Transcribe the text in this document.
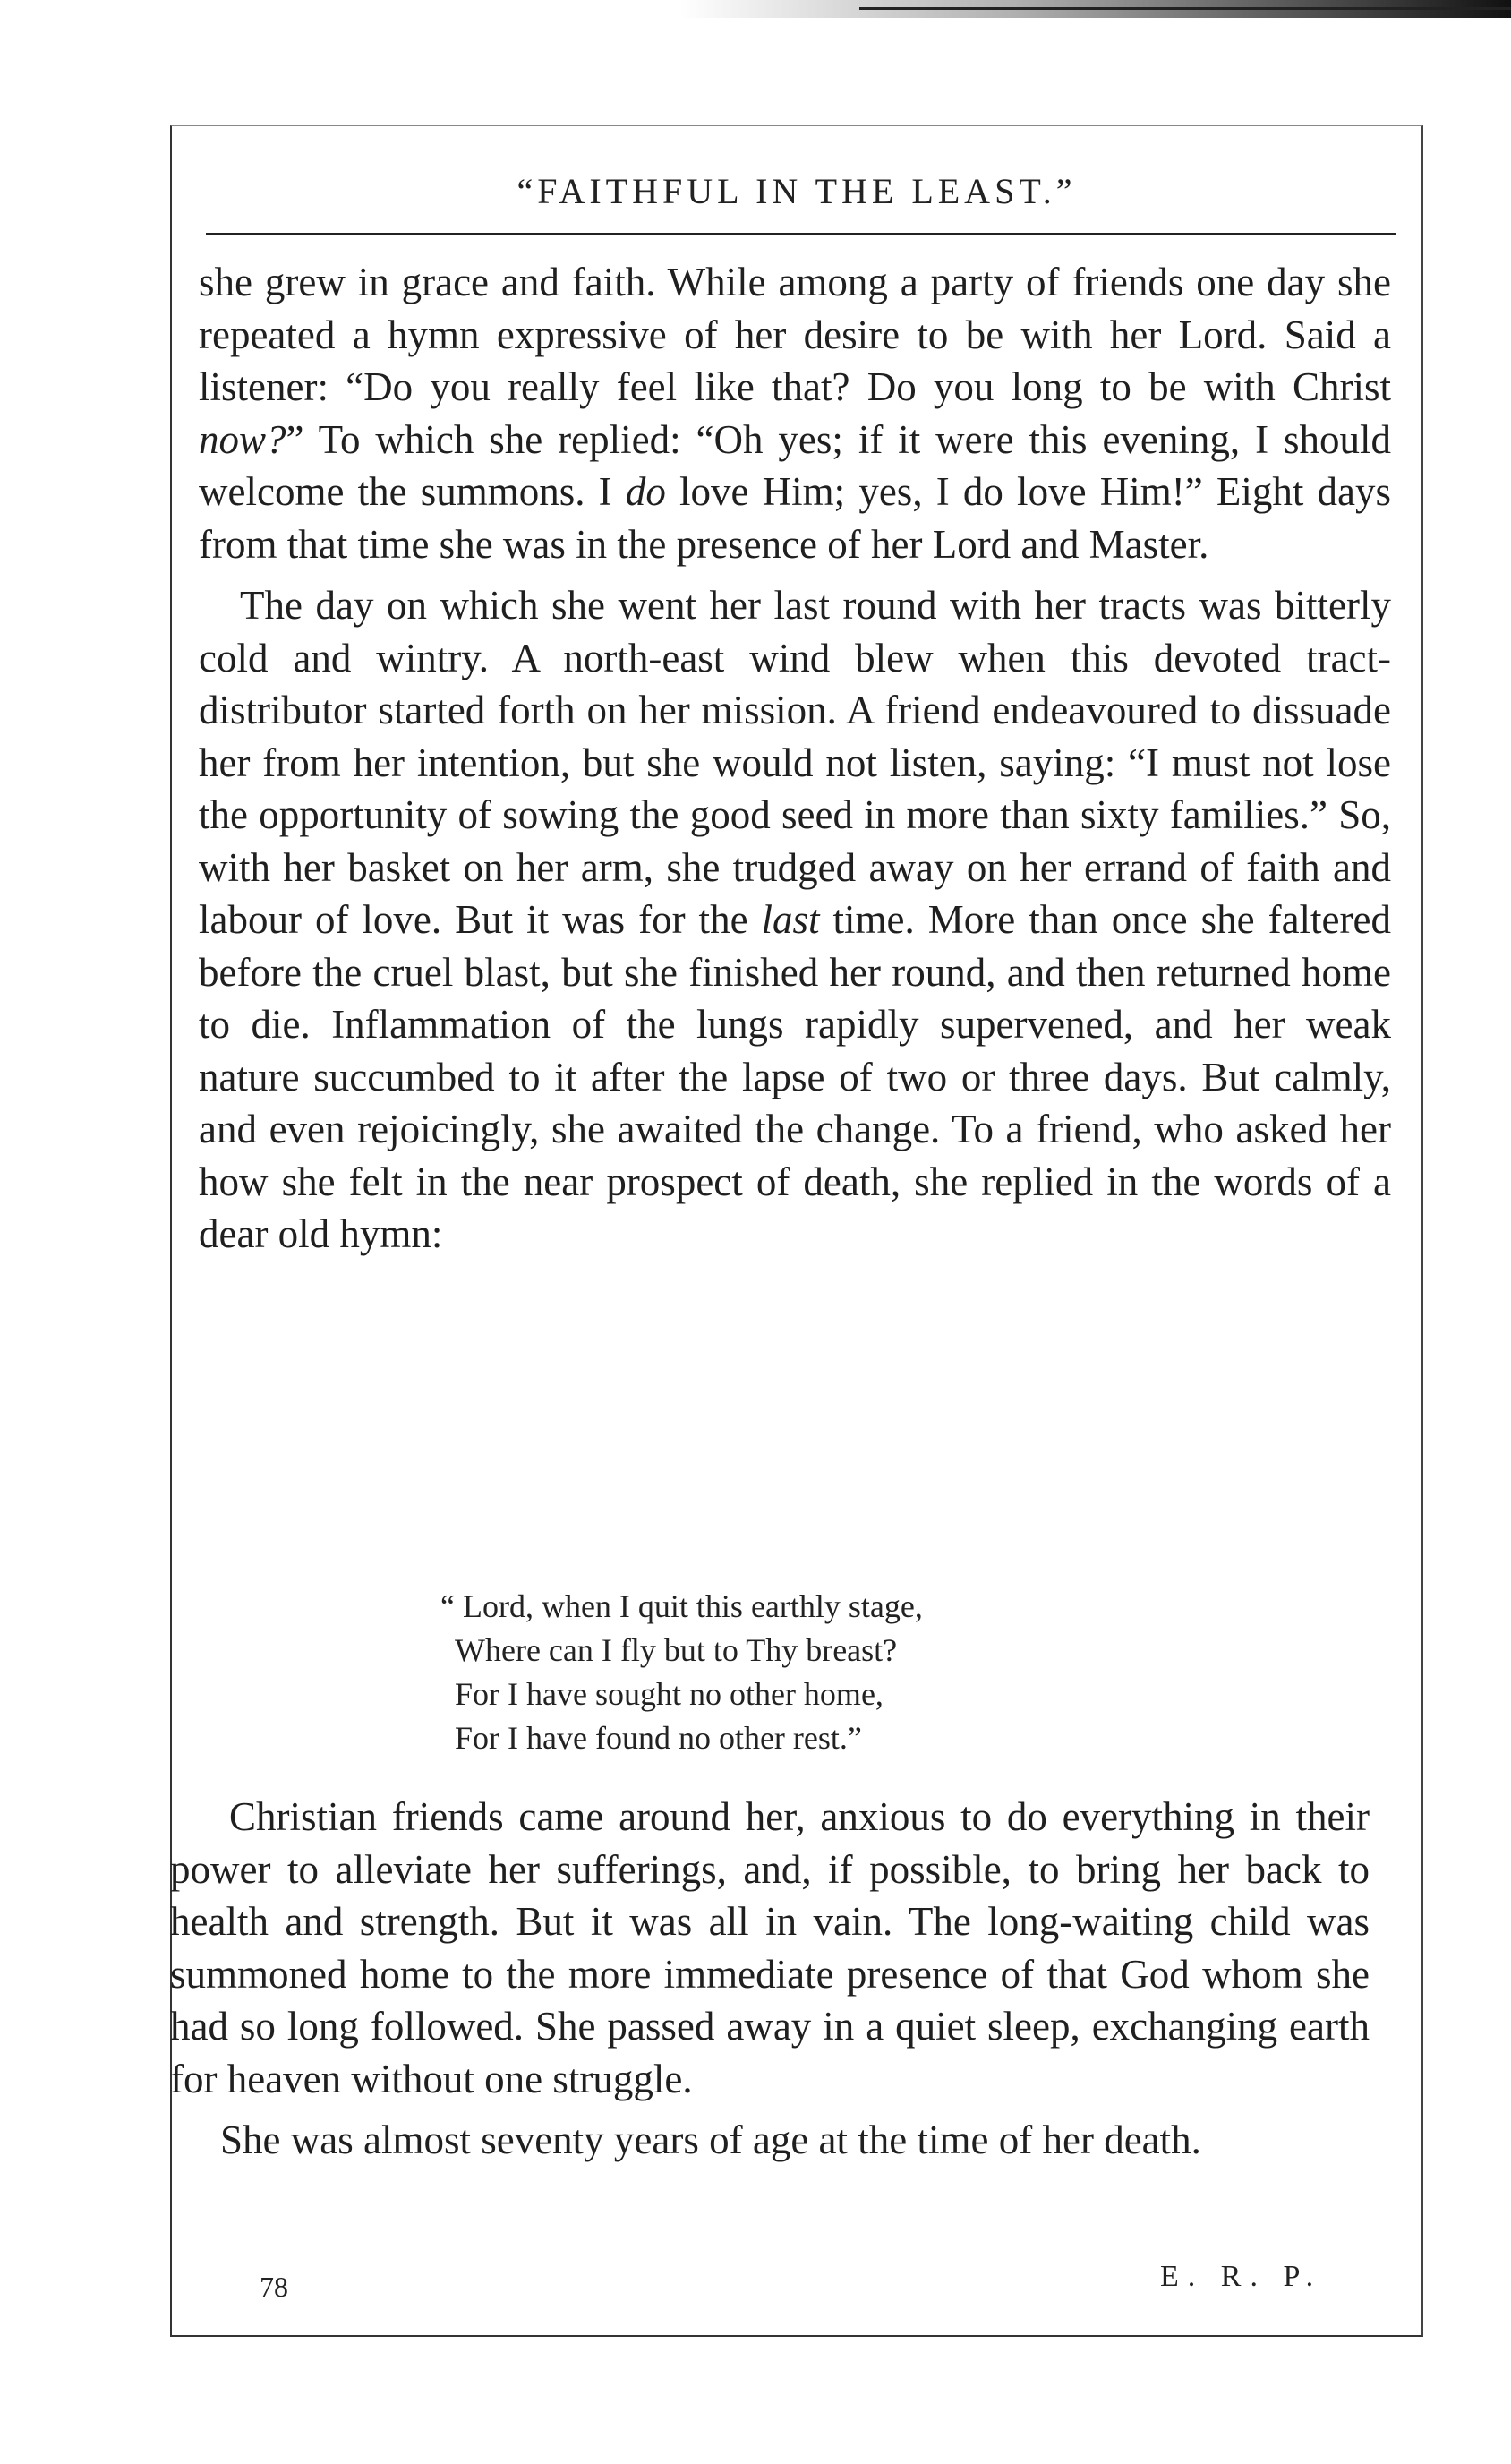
“FAITHFUL IN THE LEAST.”

she grew in grace and faith. While among a party of friends one day she repeated a hymn expressive of her desire to be with her Lord. Said a listener: “Do you really feel like that? Do you long to be with Christ now?” To which she replied: “Oh yes; if it were this evening, I should welcome the summons. I do love Him; yes, I do love Him!” Eight days from that time she was in the presence of her Lord and Master.

The day on which she went her last round with her tracts was bitterly cold and wintry. A north-east wind blew when this devoted tract-distributor started forth on her mission. A friend endeavoured to dissuade her from her intention, but she would not listen, saying: “I must not lose the opportunity of sowing the good seed in more than sixty families.” So, with her basket on her arm, she trudged away on her errand of faith and labour of love. But it was for the last time. More than once she faltered before the cruel blast, but she finished her round, and then returned home to die. Inflammation of the lungs rapidly supervened, and her weak nature succumbed to it after the lapse of two or three days. But calmly, and even rejoicingly, she awaited the change. To a friend, who asked her how she felt in the near prospect of death, she replied in the words of a dear old hymn:

“ Lord, when I quit this earthly stage,
Where can I fly but to Thy breast?
For I have sought no other home,
For I have found no other rest.”

Christian friends came around her, anxious to do everything in their power to alleviate her sufferings, and, if possible, to bring her back to health and strength. But it was all in vain. The long-waiting child was summoned home to the more immediate presence of that God whom she had so long followed. She passed away in a quiet sleep, exchanging earth for heaven without one struggle.

She was almost seventy years of age at the time of her death.

78	E. R. P.
